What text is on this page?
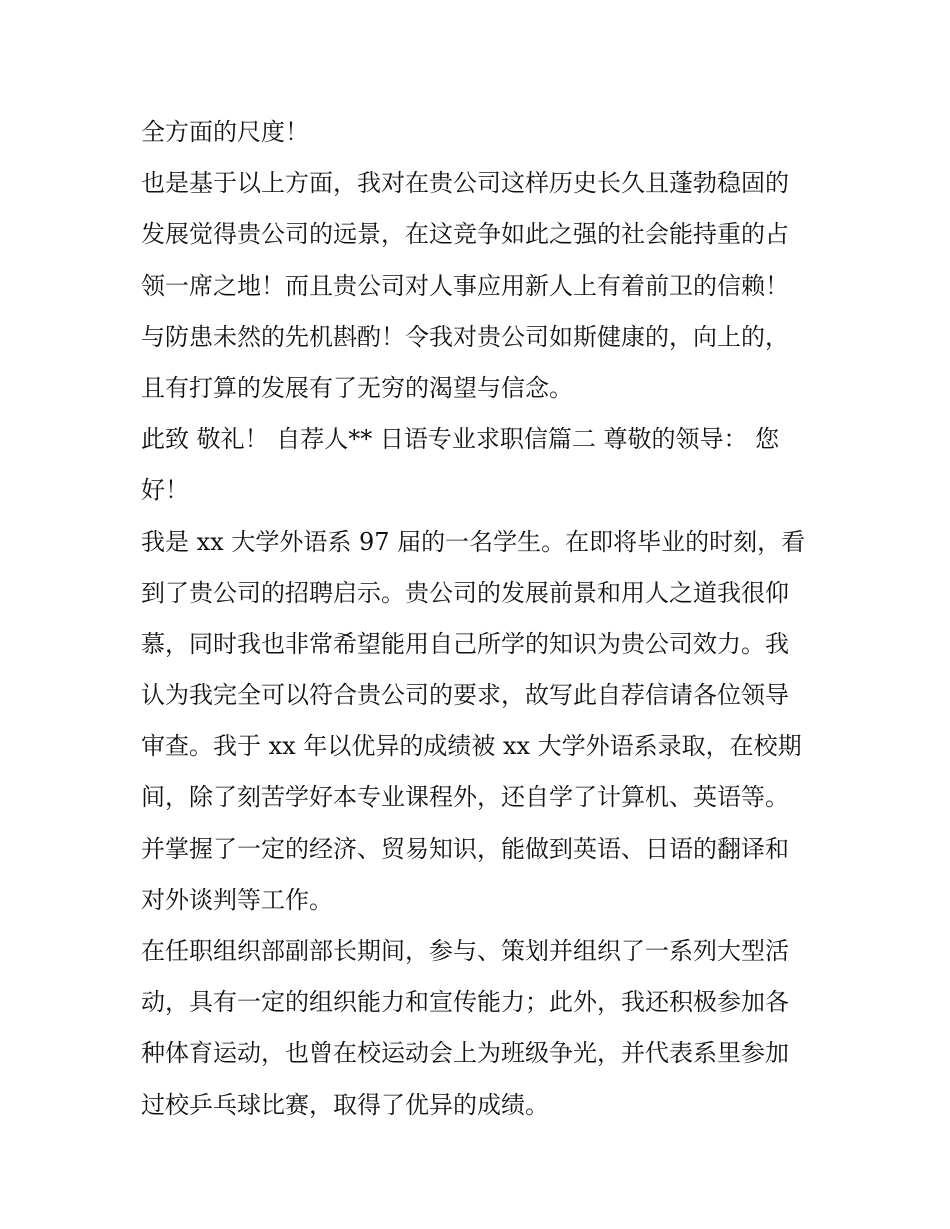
全方面的尺度！
也是基于以上方面，我对在贵公司这样历史长久且蓬勃稳固的
发展觉得贵公司的远景，在这竞争如此之强的社会能持重的占
领一席之地！而且贵公司对人事应用新人上有着前卫的信赖！
与防患未然的先机斟酌！令我对贵公司如斯健康的，向上的，
且有打算的发展有了无穷的渴望与信念。
此致 敬礼！ 自荐人** 日语专业求职信篇二 尊敬的领导： 您
好！
我是 xx 大学外语系 97 届的一名学生。在即将毕业的时刻，看
到了贵公司的招聘启示。贵公司的发展前景和用人之道我很仰
慕，同时我也非常希望能用自己所学的知识为贵公司效力。我
认为我完全可以符合贵公司的要求，故写此自荐信请各位领导
审查。我于 xx 年以优异的成绩被 xx 大学外语系录取，在校期
间，除了刻苦学好本专业课程外，还自学了计算机、英语等。
并掌握了一定的经济、贸易知识，能做到英语、日语的翻译和
对外谈判等工作。
在任职组织部副部长期间，参与、策划并组织了一系列大型活
动，具有一定的组织能力和宣传能力；此外，我还积极参加各
种体育运动，也曾在校运动会上为班级争光，并代表系里参加
过校乒乓球比赛，取得了优异的成绩。
